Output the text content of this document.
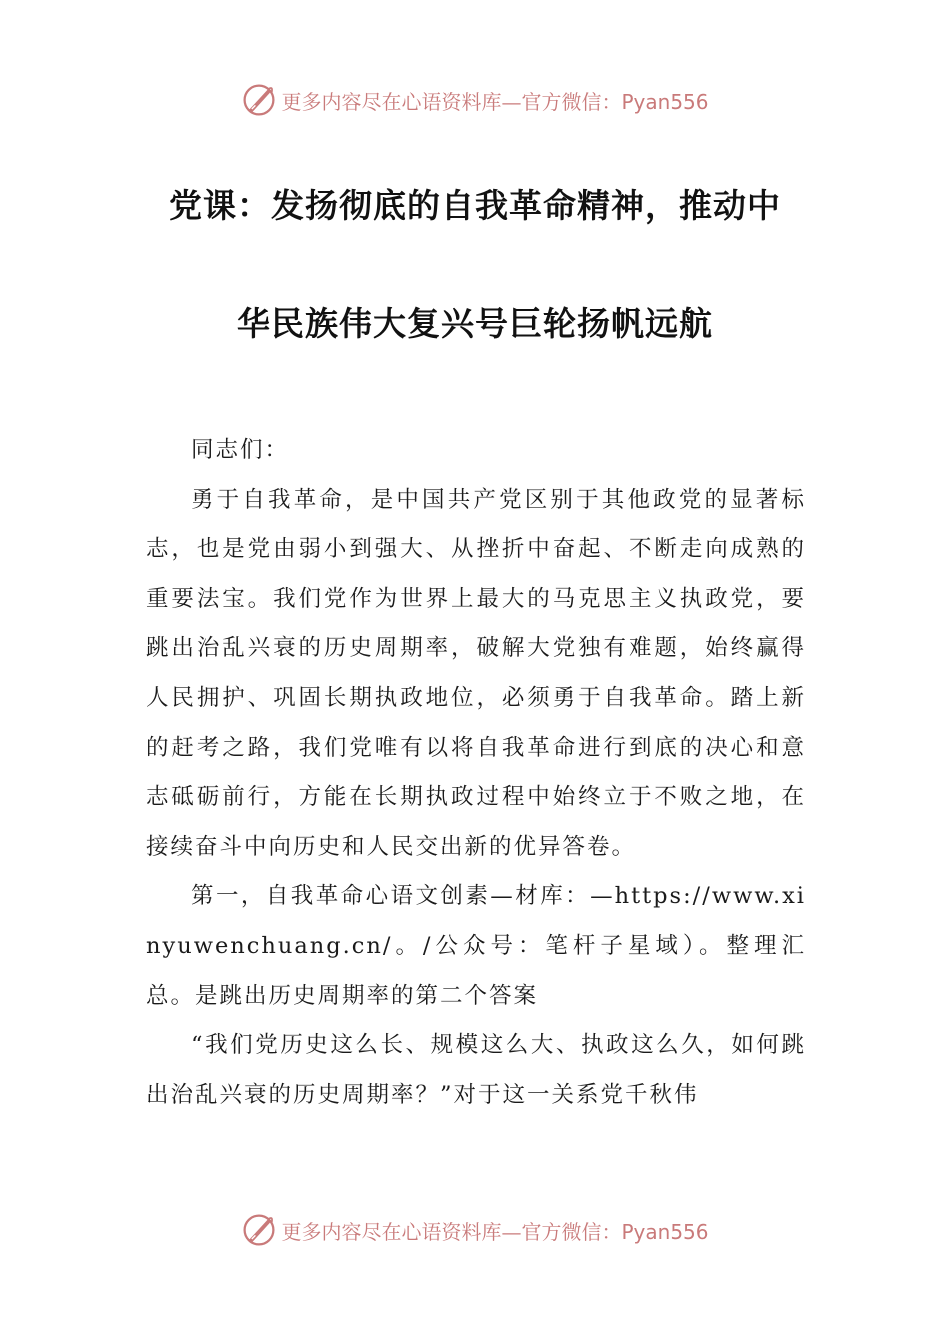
更多内容尽在心语资料库—官方微信：Pyan556
党课：发扬彻底的自我革命精神，推动中
华民族伟大复兴号巨轮扬帆远航

同志们：

勇于自我革命，是中国共产党区别于其他政党的显著标志，也是党由弱小到强大、从挫折中奋起、不断走向成熟的重要法宝。我们党作为世界上最大的马克思主义执政党，要跳出治乱兴衰的历史周期率，破解大党独有难题，始终赢得人民拥护、巩固长期执政地位，必须勇于自我革命。踏上新的赶考之路，我们党唯有以将自我革命进行到底的决心和意志砥砺前行，方能在长期执政过程中始终立于不败之地，在接续奋斗中向历史和人民交出新的优异答卷。

第一，自我革命心语文创素—材库：—https://www.xinyuwenchuang.cn/。/公众号：笔杆子星域）。整理汇总。是跳出历史周期率的第二个答案

“我们党历史这么长、规模这么大、执政这么久，如何跳出治乱兴衰的历史周期率？”对于这一关系党千秋伟

更多内容尽在心语资料库—官方微信：Pyan556
